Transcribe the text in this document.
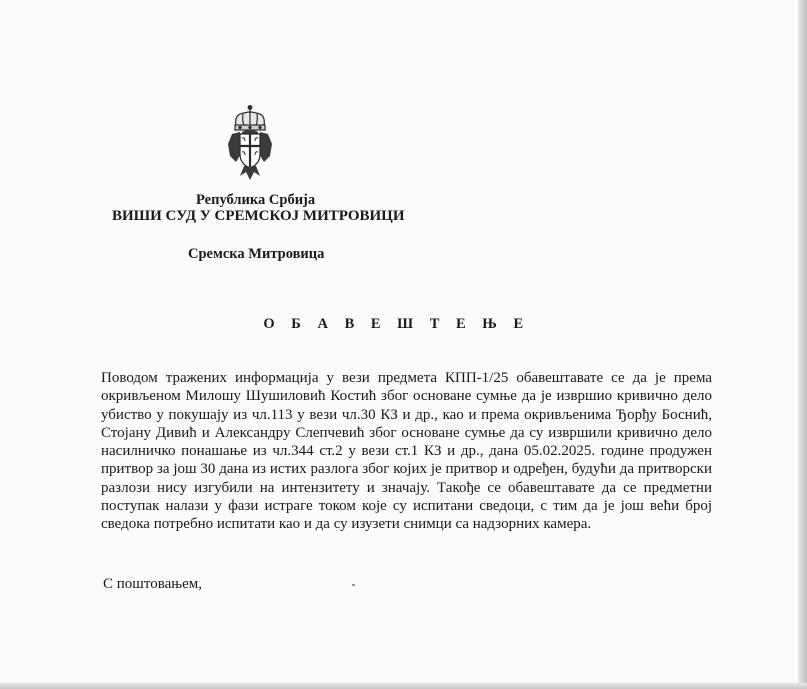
Република Србија
ВИШИ СУД У СРЕМСКОЈ МИТРОВИЦИ
Сремска Митровица
О Б А В Е Ш Т Е Њ Е

Поводом тражених информација у вези предмета КПП-1/25 обавештавате се да је према окривљеном Милошу Шушиловић Костић због основане сумње да је извршио кривично дело убиство у покушају из чл.113 у вези чл.30 КЗ и др., као и према окривљенима Ђорђу Боснић, Стојану Дивић и Александру Слепчевић због основане сумње да су извршили кривично дело насилничко понашање из чл.344 ст.2 у вези ст.1 КЗ и др., дана 05.02.2025. године продужен притвор за још 30 дана из истих разлога због којих је притвор и одређен, будући да притворски разлози нису изгубили на интензитету и значају. Такође се обавештавате да се предметни поступак налази у фази истраге током које су испитани сведоци, с тим да је још већи број сведока потребно испитати као и да су изузети снимци са надзорних камера.

С поштовањем,
